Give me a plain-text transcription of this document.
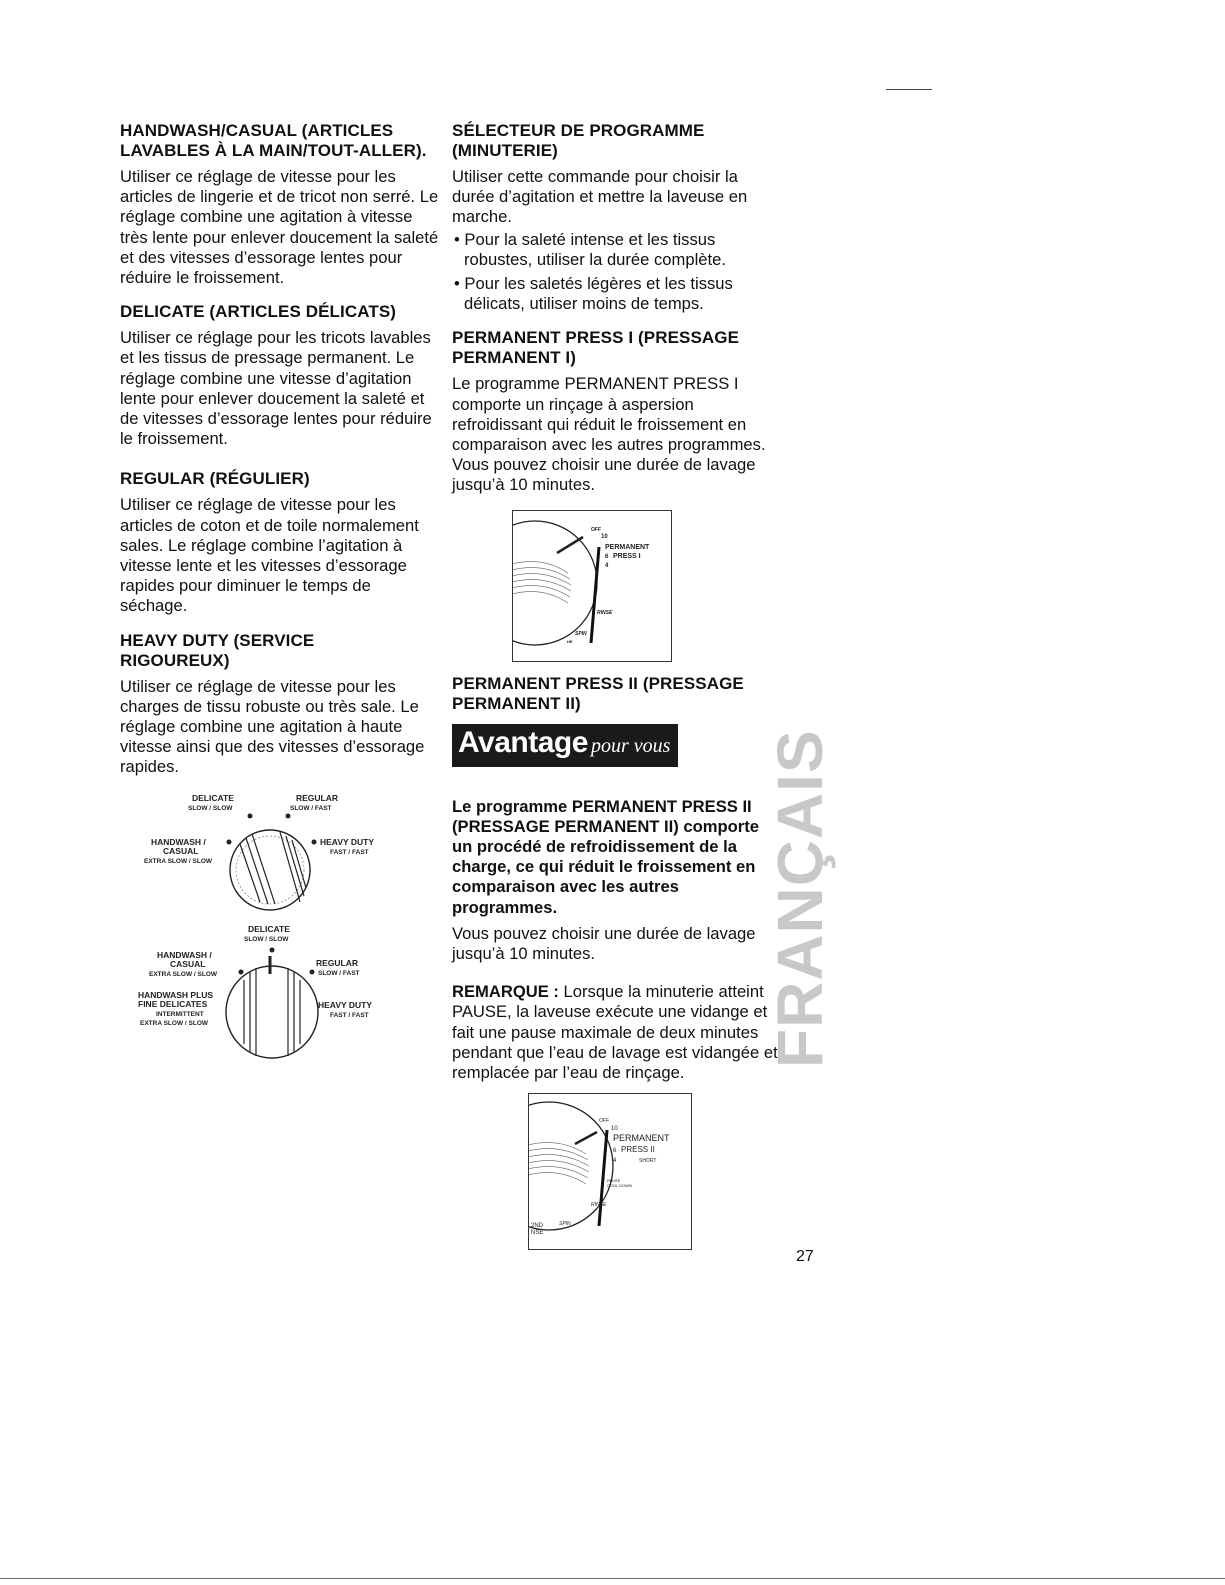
HANDWASH/CASUAL (ARTICLES LAVABLES À LA MAIN/TOUT-ALLER).

Utiliser ce réglage de vitesse pour les articles de lingerie et de tricot non serré. Le réglage combine une agitation à vitesse très lente pour enlever doucement la saleté et des vitesses d’essorage lentes pour réduire le froissement.

DELICATE (ARTICLES DÉLICATS)

Utiliser ce réglage pour les tricots lavables et les tissus de pressage permanent. Le réglage combine une vitesse d’agitation lente pour enlever doucement la saleté et de vitesses d’essorage lentes pour réduire le froissement.

REGULAR (RÉGULIER)

Utiliser ce réglage de vitesse pour les articles de coton et de toile normalement sales. Le réglage combine l’agitation à vitesse lente et les vitesses d’essorage rapides pour diminuer le temps de séchage.

HEAVY DUTY (SERVICE RIGOUREUX)

Utiliser ce réglage de vitesse pour les charges de tissu robuste ou très sale. Le réglage combine une agitation à haute vitesse ainsi que des vitesses d’essorage rapides.

DELICATE
SLOW / SLOW
REGULAR
SLOW / FAST
HANDWASH /
CASUAL
EXTRA SLOW / SLOW
HEAVY DUTY
FAST / FAST
DELICATE
SLOW / SLOW
HANDWASH /
CASUAL
EXTRA SLOW / SLOW
REGULAR
SLOW / FAST
HANDWASH PLUS
FINE DELICATES
INTERMITTENT
EXTRA SLOW / SLOW
HEAVY DUTY
FAST / FAST
SÉLECTEUR DE PROGRAMME (MINUTERIE)

Utiliser cette commande pour choisir la durée d’agitation et mettre la laveuse en marche.

• Pour la saleté intense et les tissus robustes, utiliser la durée complète.
• Pour les saletés légères et les tissus délicats, utiliser moins de temps.
PERMANENT PRESS I (PRESSAGE PERMANENT I)

Le programme PERMANENT PRESS I comporte un rinçage à aspersion refroidissant qui réduit le froissement en comparaison avec les autres programmes. Vous pouvez choisir une durée de lavage jusqu’à 10 minutes.

OFF
10
PERMANENT
6 PRESS I
4
RINSE
SPIN
HE
PERMANENT PRESS II (PRESSAGE PERMANENT II)
Avantage pour vous

Le programme PERMANENT PRESS II (PRESSAGE PERMANENT II) comporte un procédé de refroidissement de la charge, ce qui réduit le froissement en comparaison avec les autres programmes.

Vous pouvez choisir une durée de lavage jusqu’à 10 minutes.

REMARQUE : Lorsque la minuterie atteint PAUSE, la laveuse exécute une vidange et fait une pause maximale de deux minutes pendant que l’eau de lavage est vidangée et remplacée par l’eau de rinçage.

OFF
10
PERMANENT
6 PRESS II
4	SHORT
PAUSE
COOL DOWN
RINSE
SPIN
2ND
NSE
FRANÇAIS
27
